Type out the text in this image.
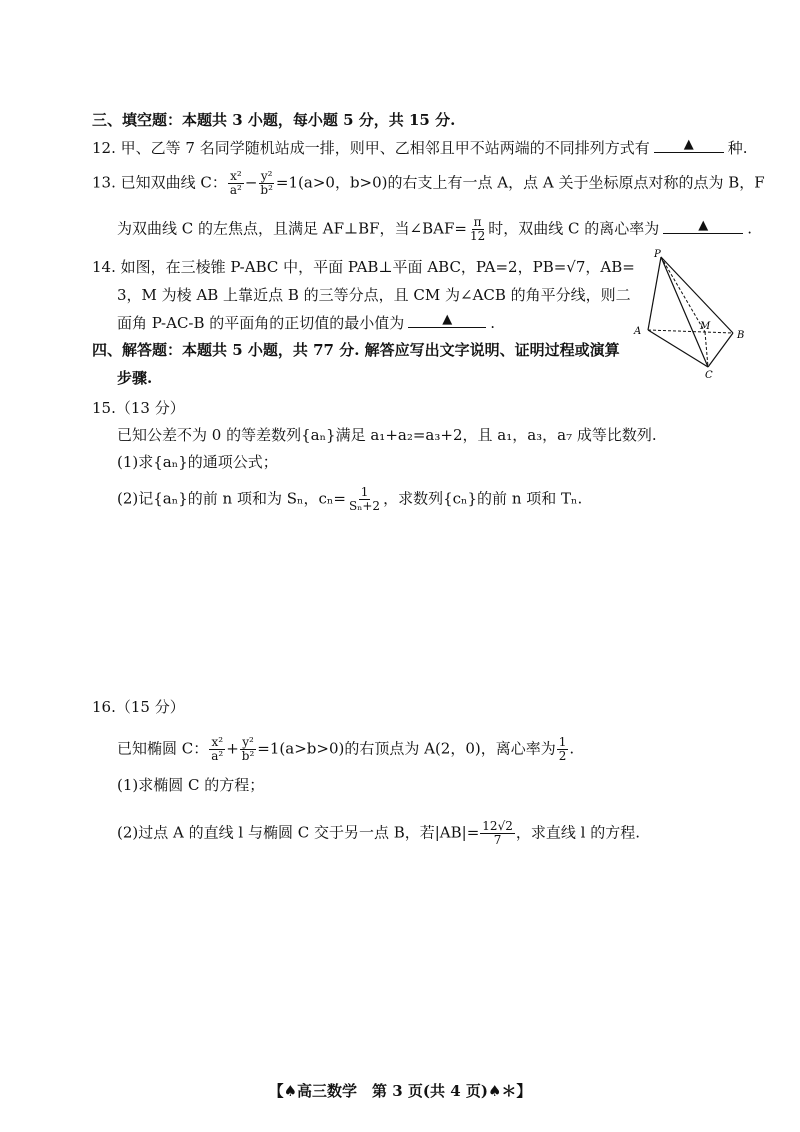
三、填空题：本题共 3 小题，每小题 5 分，共 15 分.
12. 甲、乙等 7 名同学随机站成一排，则甲、乙相邻且甲不站两端的不同排列方式有	▲ 种.
13. 已知双曲线 C： $\frac{\text{x²}}{\text{a²}} - \frac{\text{y²}}{\text{b²}} =1(a>0$，b>0)的右支上有一点 A，点 A 关于坐标原点对称的点为 B，F
为双曲线 C 的左焦点，且满足 AF⊥BF，当∠BAF= $\frac{\pi}{12}$ 时，双曲线 C 的离心率为	▲	.
14. 如图，在三棱锥 P-ABC 中，平面 PAB⊥平面 ABC，PA=2，PB=√7，AB=
3，M 为棱 AB 上靠近点 B 的三等分点，且 CM 为∠ACB 的角平分线，则二
面角 P-AC-B 的平面角的正切值的最小值为	▲	.
P
A	B
C
M
四、解答题：本题共 5 小题，共 77 分. 解答应写出文字说明、证明过程或演算
步骤.
15.（13 分）
已知公差不为 0 的等差数列{aₙ}满足 a₁+a₂=a₃+2，且 a₁，a₃，a₇ 成等比数列.
(1)求{aₙ}的通项公式；
(2)记{aₙ}的前 n 项和为 Sₙ，$c_n= \frac{1}{\text{Sₙ+2}}$ ，求数列{cₙ}的前 n 项和 Tₙ.
16.（15 分）
已知椭圆 C： $\frac{\text{x²}}{\text{a²}} + \frac{\text{y²}}{\text{b²}} =1(a>b>0)$的右顶点为 A(2，0)，离心率为 $\frac{1}{2}$ .
(1)求椭圆 C 的方程；
(2)过点 A 的直线 l 与椭圆 C 交于另一点 B，若$|AB|= \frac{12√2}{7}$ ，求直线 l 的方程.
【♠高三数学　第 3 页(共 4 页)♠＊】
